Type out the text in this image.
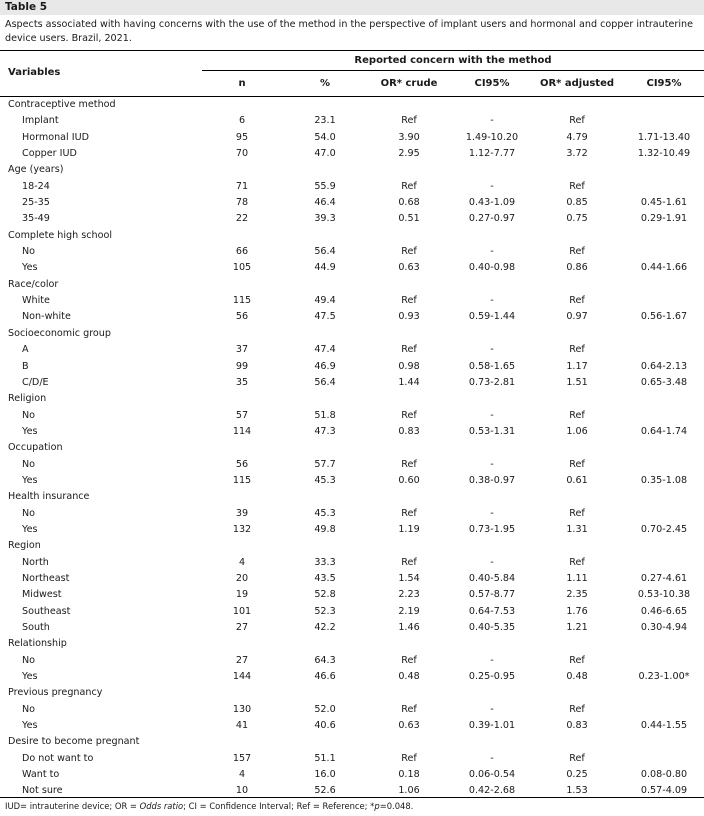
Table 5
Aspects associated with having concerns with the use of the method in the perspective of implant users and hormonal and copper intrauterine device users. Brazil, 2021.
Variables
Reported concern with the method
n	%	OR* crude	CI95%	OR* adjusted	CI95%
Contraceptive method
Implant	6	23.1	Ref	-	Ref
Hormonal IUD	95	54.0	3.90	1.49-10.20	4.79	1.71-13.40
Copper IUD	70	47.0	2.95	1.12-7.77	3.72	1.32-10.49
Age (years)
18-24	71	55.9	Ref	-	Ref
25-35	78	46.4	0.68	0.43-1.09	0.85	0.45-1.61
35-49	22	39.3	0.51	0.27-0.97	0.75	0.29-1.91
Complete high school
No	66	56.4	Ref	-	Ref
Yes	105	44.9	0.63	0.40-0.98	0.86	0.44-1.66
Race/color
White	115	49.4	Ref	-	Ref
Non-white	56	47.5	0.93	0.59-1.44	0.97	0.56-1.67
Socioeconomic group
A	37	47.4	Ref	-	Ref
B	99	46.9	0.98	0.58-1.65	1.17	0.64-2.13
C/D/E	35	56.4	1.44	0.73-2.81	1.51	0.65-3.48
Religion
No	57	51.8	Ref	-	Ref
Yes	114	47.3	0.83	0.53-1.31	1.06	0.64-1.74
Occupation
No	56	57.7	Ref	-	Ref
Yes	115	45.3	0.60	0.38-0.97	0.61	0.35-1.08
Health insurance
No	39	45.3	Ref	-	Ref
Yes	132	49.8	1.19	0.73-1.95	1.31	0.70-2.45
Region
North	4	33.3	Ref	-	Ref
Northeast	20	43.5	1.54	0.40-5.84	1.11	0.27-4.61
Midwest	19	52.8	2.23	0.57-8.77	2.35	0.53-10.38
Southeast	101	52.3	2.19	0.64-7.53	1.76	0.46-6.65
South	27	42.2	1.46	0.40-5.35	1.21	0.30-4.94
Relationship
No	27	64.3	Ref	-	Ref
Yes	144	46.6	0.48	0.25-0.95	0.48	0.23-1.00*
Previous pregnancy
No	130	52.0	Ref	-	Ref
Yes	41	40.6	0.63	0.39-1.01	0.83	0.44-1.55
Desire to become pregnant
Do not want to	157	51.1	Ref	-	Ref
Want to	4	16.0	0.18	0.06-0.54	0.25	0.08-0.80
Not sure	10	52.6	1.06	0.42-2.68	1.53	0.57-4.09
IUD= intrauterine device; OR = Odds ratio; CI = Confidence Interval; Ref = Reference; *p=0.048.
